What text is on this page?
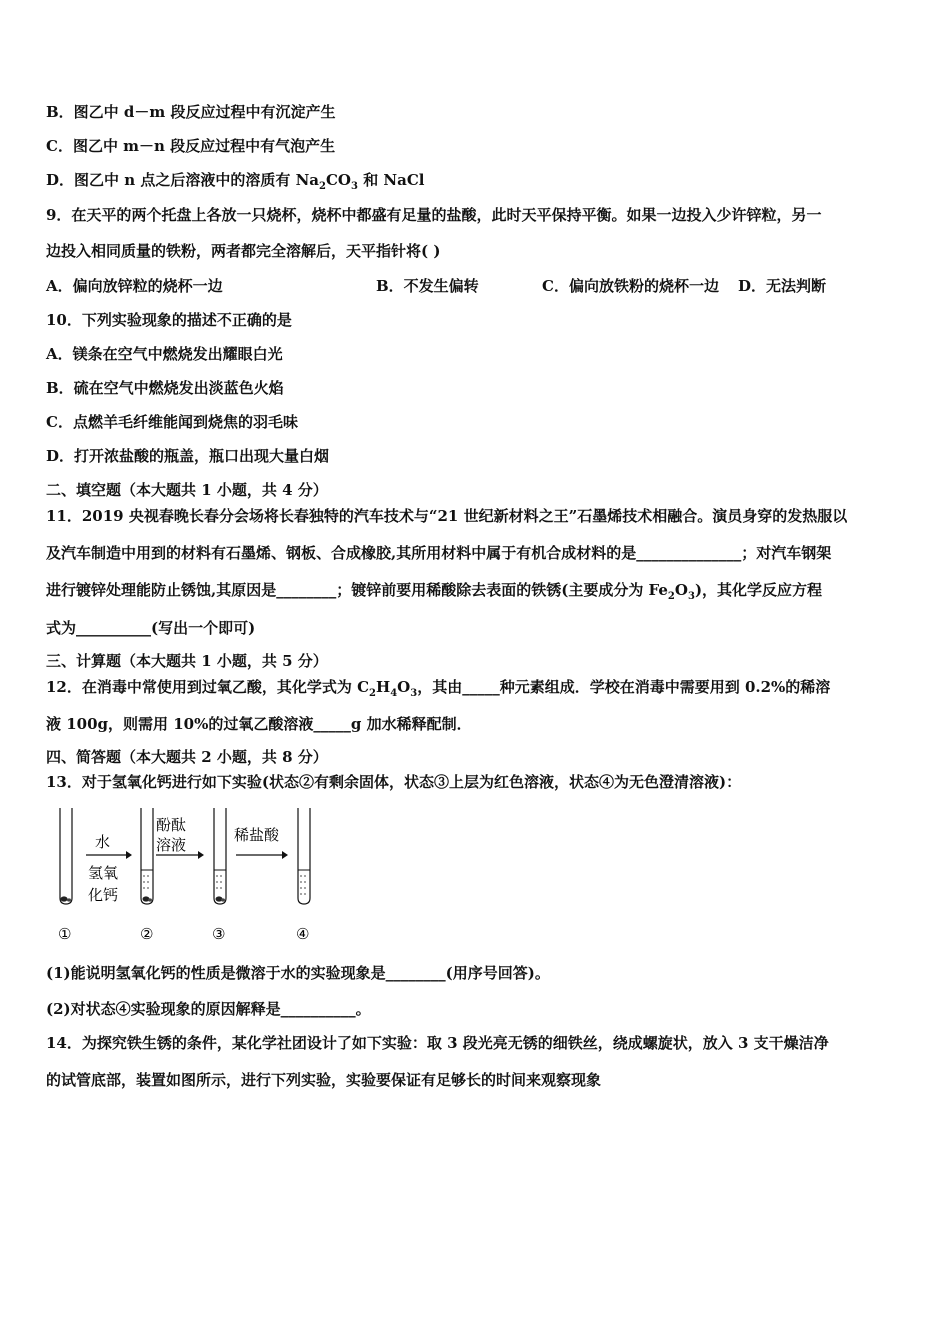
B．图乙中 d－m 段反应过程中有沉淀产生

C．图乙中 m－n 段反应过程中有气泡产生

D．图乙中 n 点之后溶液中的溶质有 $Na_2CO_3$ 和 NaCl

9．在天平的两个托盘上各放一只烧杯，烧杯中都盛有足量的盐酸，此时天平保持平衡。如果一边投入少许锌粒，另一

边投入相同质量的铁粉，两者都完全溶解后，天平指针将( )

A．偏向放锌粒的烧杯一边	B．不发生偏转	C．偏向放铁粉的烧杯一边 D．无法判断

10．下列实验现象的描述不正确的是

A．镁条在空气中燃烧发出耀眼白光

B．硫在空气中燃烧发出淡蓝色火焰

C．点燃羊毛纤维能闻到烧焦的羽毛味

D．打开浓盐酸的瓶盖，瓶口出现大量白烟

二、填空题（本大题共 1 小题，共 4 分）

11．2019 央视春晚长春分会场将长春独特的汽车技术与“21 世纪新材料之王”石墨烯技术相融合。演员身穿的发热服以

及汽车制造中用到的材料有石墨烯、钢板、合成橡胶,其所用材料中属于有机合成材料的是______________；对汽车钢架

进行镀锌处理能防止锈蚀,其原因是________；镀锌前要用稀酸除去表面的铁锈(主要成分为 $Fe_2O_3$)，其化学反应方程

式为__________(写出一个即可)

三、计算题（本大题共 1 小题，共 5 分）

12．在消毒中常使用到过氧乙酸，其化学式为 $C_2H_4O_3$，其由_____种元素组成．学校在消毒中需要用到 0.2%的稀溶

液 100g，则需用 10%的过氧乙酸溶液_____g 加水稀释配制．

四、简答题（本大题共 2 小题，共 8 分）

13．对于氢氧化钙进行如下实验(状态②有剩余固体，状态③上层为红色溶液，状态④为无色澄清溶液)：

水
氢氧
化钙
酚酞
溶液
稀盐酸
①	②	③	④

(1)能说明氢氧化钙的性质是微溶于水的实验现象是________(用序号回答)。

(2)对状态④实验现象的原因解释是__________。

14．为探究铁生锈的条件，某化学社团设计了如下实验：取 3 段光亮无锈的细铁丝，绕成螺旋状，放入 3 支干燥洁净

的试管底部，装置如图所示，进行下列实验，实验要保证有足够长的时间来观察现象
